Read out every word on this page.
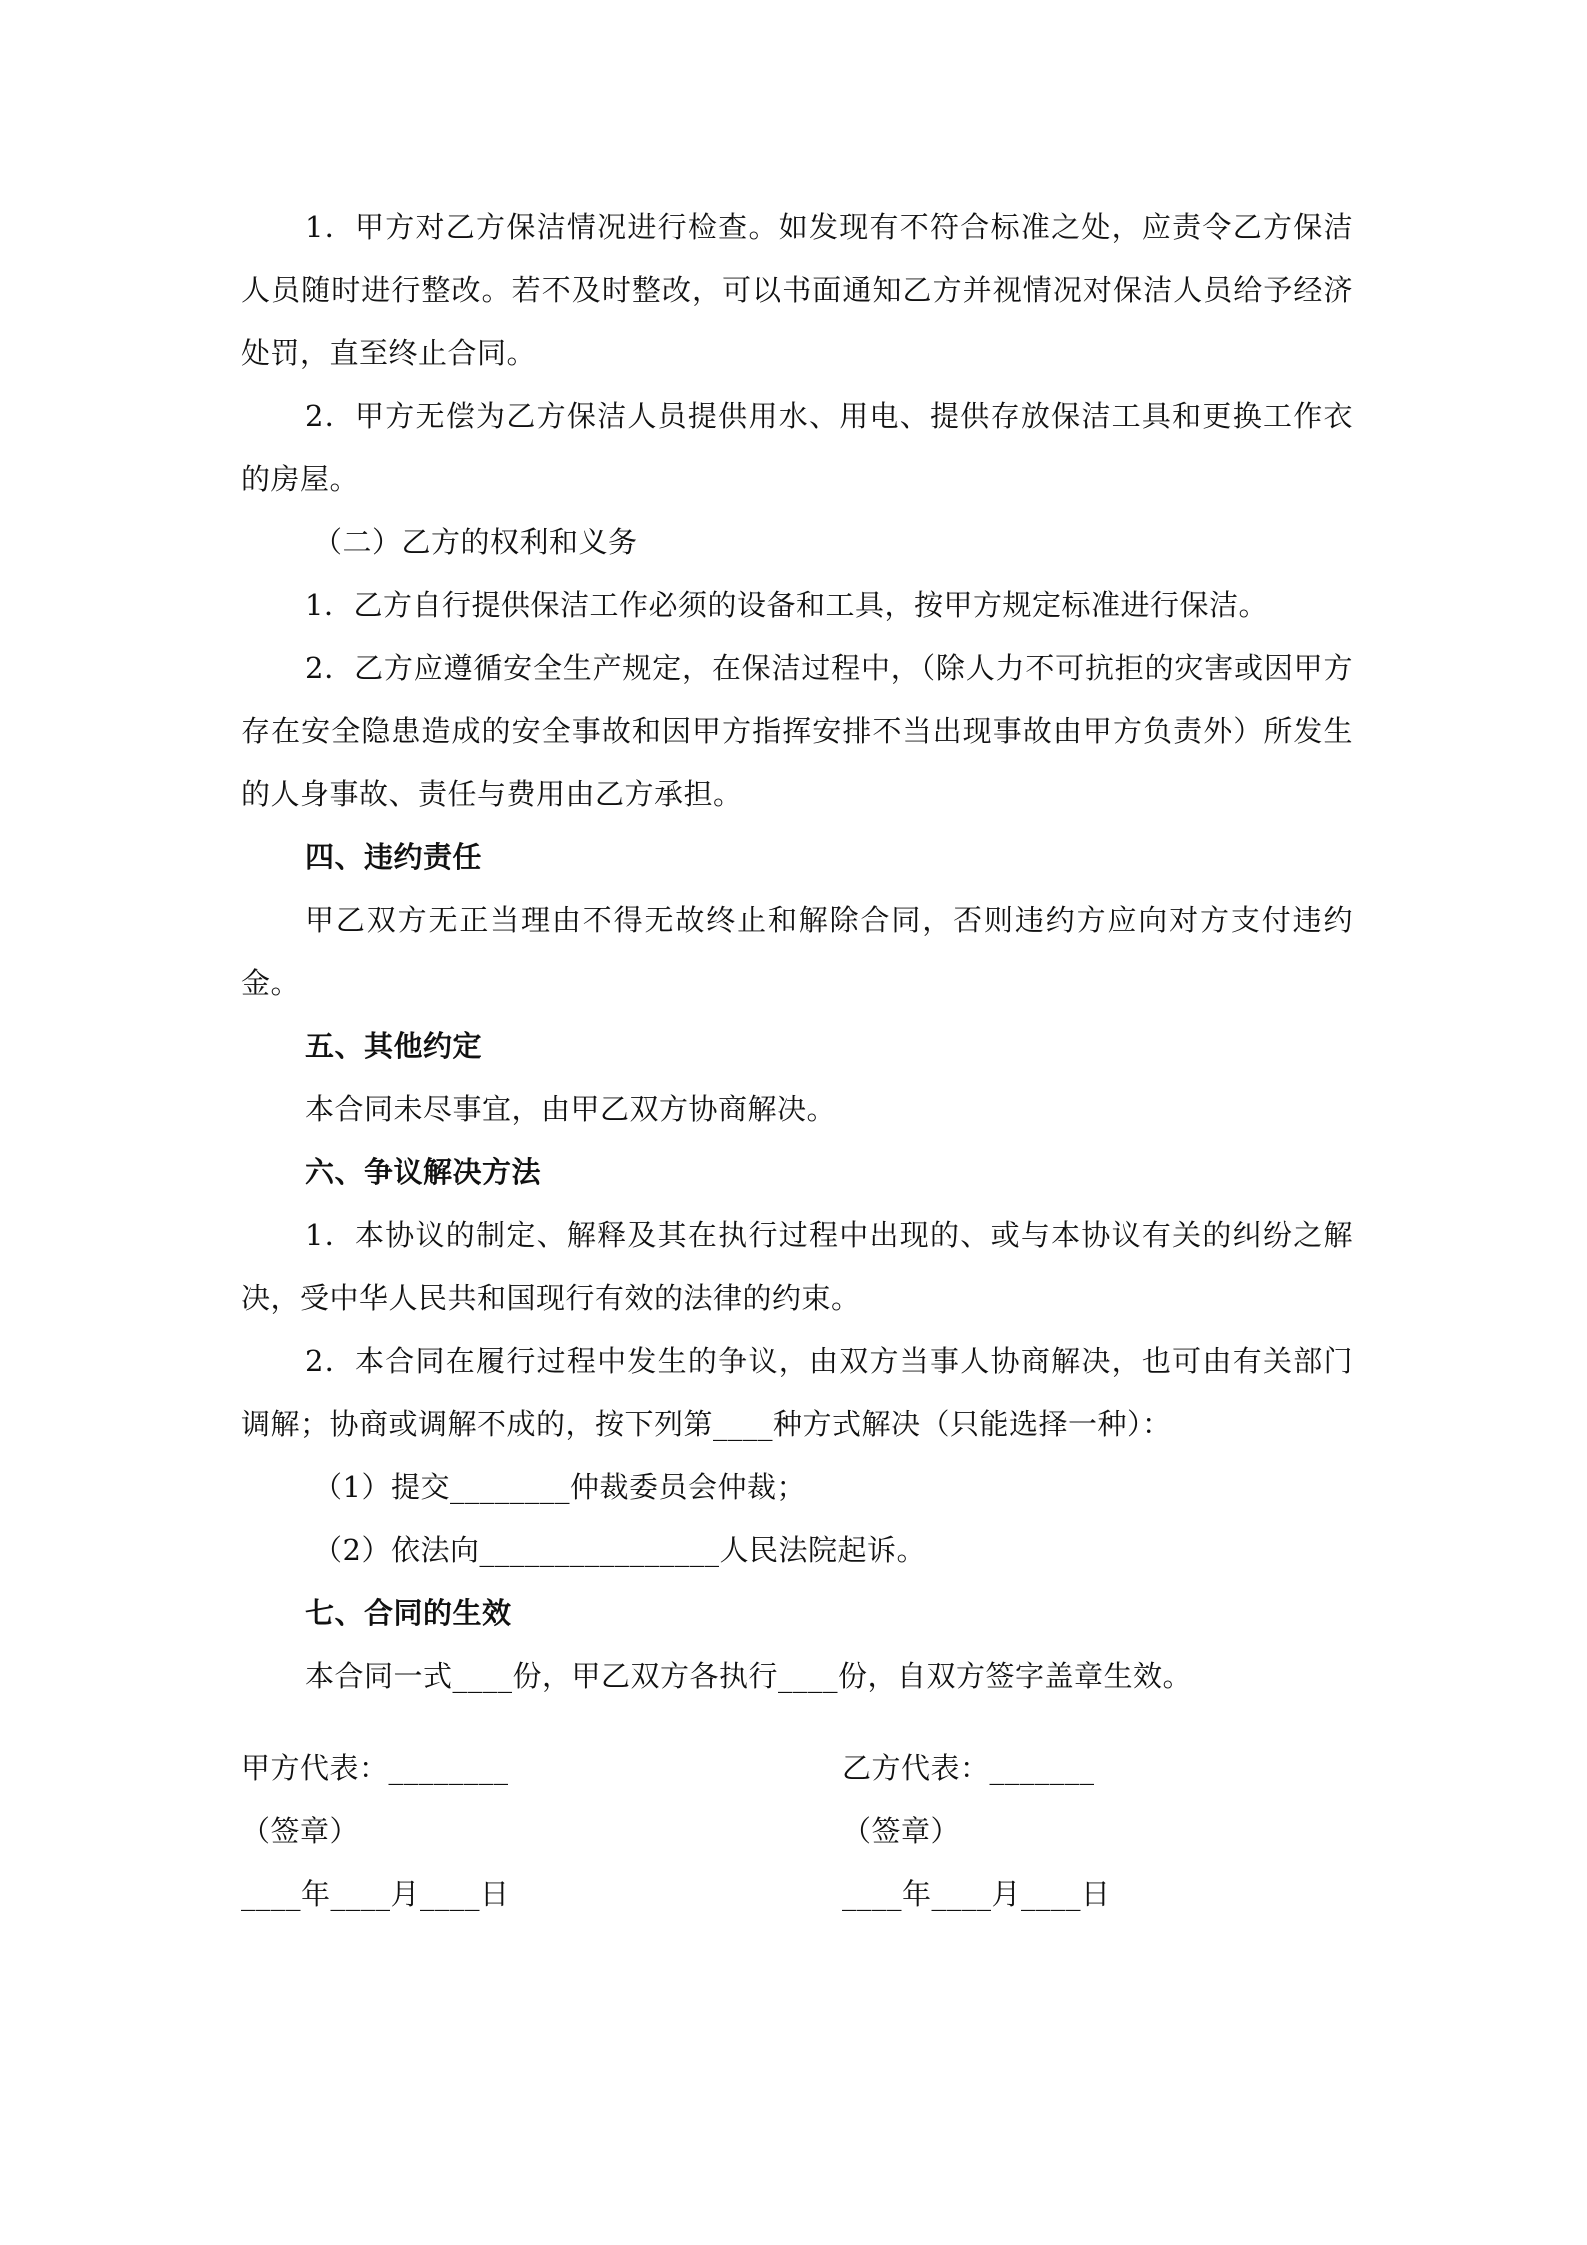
1．甲方对乙方保洁情况进行检查。如发现有不符合标准之处，应责令乙方保洁人员随时进行整改。若不及时整改，可以书面通知乙方并视情况对保洁人员给予经济处罚，直至终止合同。

2．甲方无偿为乙方保洁人员提供用水、用电、提供存放保洁工具和更换工作衣的房屋。

（二）乙方的权利和义务

1．乙方自行提供保洁工作必须的设备和工具，按甲方规定标准进行保洁。

2．乙方应遵循安全生产规定，在保洁过程中，（除人力不可抗拒的灾害或因甲方存在安全隐患造成的安全事故和因甲方指挥安排不当出现事故由甲方负责外）所发生的人身事故、责任与费用由乙方承担。

四、违约责任

甲乙双方无正当理由不得无故终止和解除合同，否则违约方应向对方支付违约金。

五、其他约定

本合同未尽事宜，由甲乙双方协商解决。

六、争议解决方法

1．本协议的制定、解释及其在执行过程中出现的、或与本协议有关的纠纷之解决，受中华人民共和国现行有效的法律的约束。

2．本合同在履行过程中发生的争议，由双方当事人协商解决，也可由有关部门调解；协商或调解不成的，按下列第____种方式解决（只能选择一种）：

（1）提交________仲裁委员会仲裁；

（2）依法向________________人民法院起诉。

七、合同的生效

本合同一式____份，甲乙双方各执行____份，自双方签字盖章生效。

甲方代表：________

（签章）

____年____月____日

乙方代表：_______

（签章）

____年____月____日
